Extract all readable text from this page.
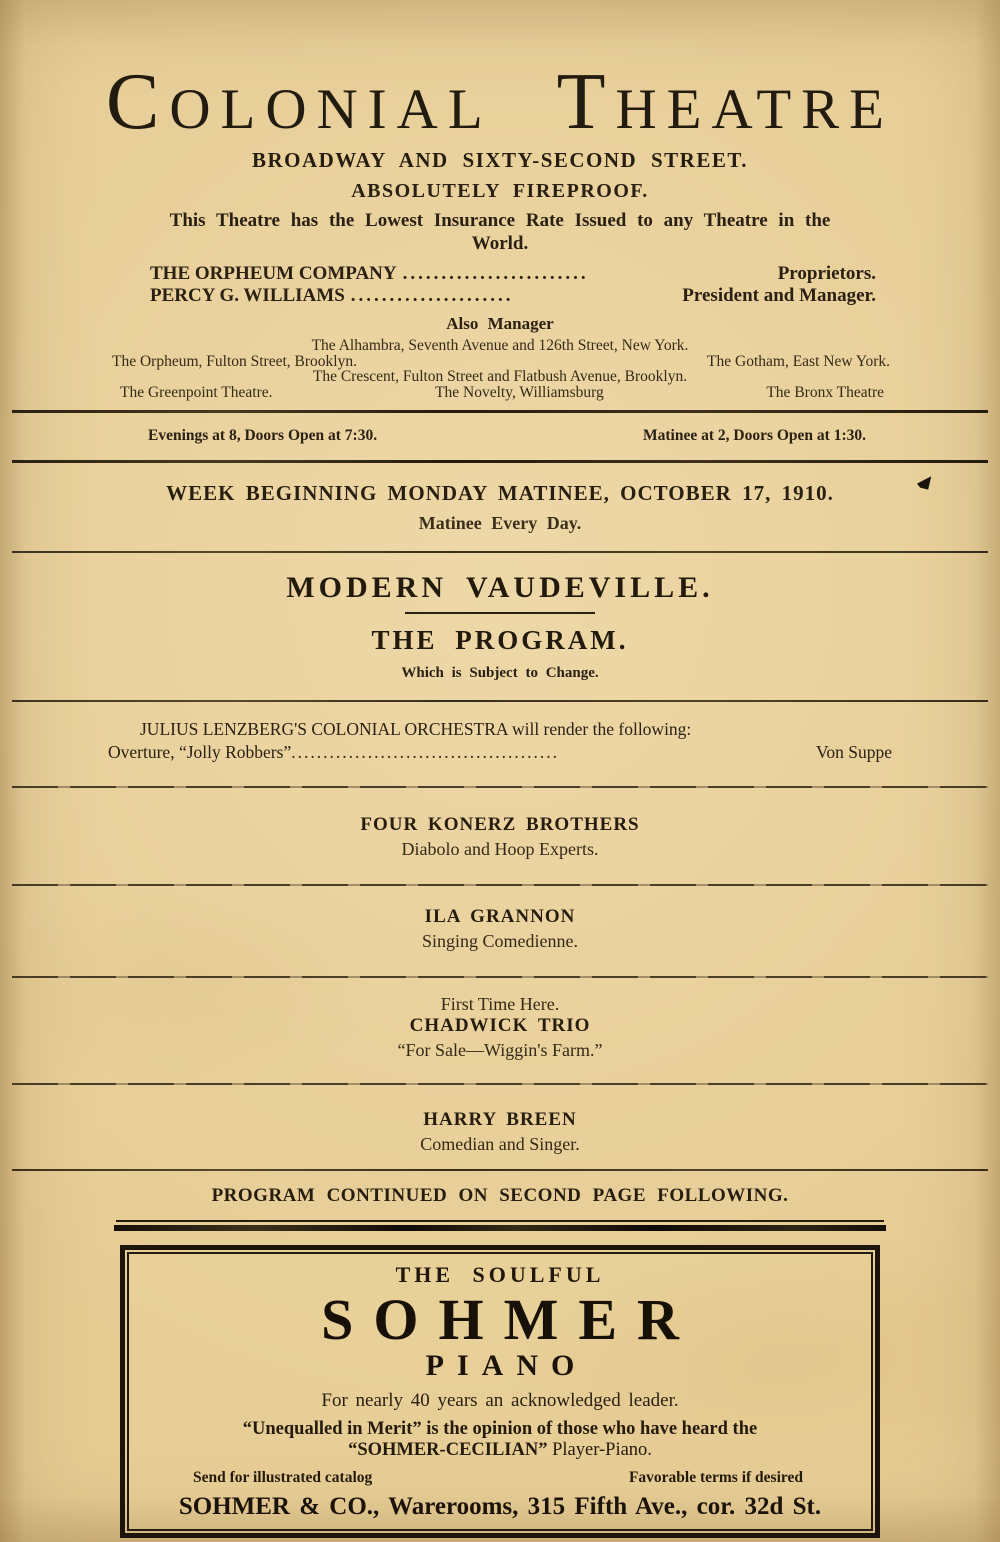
COLONIAL THEATRE
BROADWAY AND SIXTY-SECOND STREET.
ABSOLUTELY FIREPROOF.
This Theatre has the Lowest Insurance Rate Issued to any Theatre in the
World.
THE ORPHEUM COMPANY ........................	Proprietors.
PERCY G. WILLIAMS .....................	President and Manager.
Also Manager
The Alhambra, Seventh Avenue and 126th Street, New York.
The Orpheum, Fulton Street, Brooklyn.	The Gotham, East New York.
The Crescent, Fulton Street and Flatbush Avenue, Brooklyn.
The Greenpoint Theatre.	The Novelty, Williamsburg	The Bronx Theatre
Evenings at 8, Doors Open at 7:30.	Matinee at 2, Doors Open at 1:30.
WEEK BEGINNING MONDAY MATINEE, OCTOBER 17, 1910.
Matinee Every Day.
MODERN VAUDEVILLE.
THE PROGRAM.
Which is Subject to Change.
JULIUS LENZBERG'S COLONIAL ORCHESTRA will render the following:
Overture, “Jolly Robbers” ..........................................	Von Suppe
FOUR KONERZ BROTHERS
Diabolo and Hoop Experts.
ILA GRANNON
Singing Comedienne.
First Time Here.
CHADWICK TRIO
“For Sale—Wiggin's Farm.”
HARRY BREEN
Comedian and Singer.
PROGRAM CONTINUED ON SECOND PAGE FOLLOWING.
THE SOULFUL
SOHMER
PIANO
For nearly 40 years an acknowledged leader.
“Unequalled in Merit” is the opinion of those who have heard the
“SOHMER-CECILIAN” Player-Piano.
Send for illustrated catalog	Favorable terms if desired
SOHMER & CO., Warerooms, 315 Fifth Ave., cor. 32d St.
